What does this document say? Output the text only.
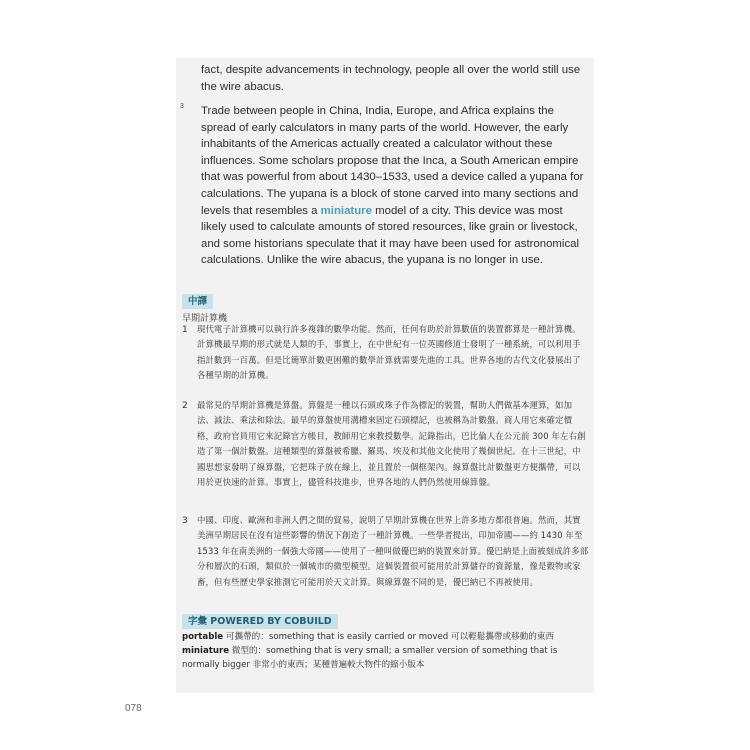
fact, despite advancements in technology, people all over the world still use the wire abacus.
3 Trade between people in China, India, Europe, and Africa explains the spread of early calculators in many parts of the world. However, the early inhabitants of the Americas actually created a calculator without these influences. Some scholars propose that the Inca, a South American empire that was powerful from about 1430–1533, used a device called a yupana for calculations. The yupana is a block of stone carved into many sections and levels that resembles a miniature model of a city. This device was most likely used to calculate amounts of stored resources, like grain or livestock, and some historians speculate that it may have been used for astronomical calculations. Unlike the wire abacus, the yupana is no longer in use.
中譯
早期計算機
1 現代電子計算機可以執行許多複雜的數學功能。然而，任何有助於計算數值的裝置都算是一種計算機。計算機最早期的形式就是人類的手，事實上，在中世紀有一位英國修道士發明了一種系統，可以利用手指計數到一百萬。但是比簡單計數更困難的數學計算就需要先進的工具。世界各地的古代文化發展出了各種早期的計算機。
2 最常見的早期計算機是算盤。算盤是一種以石頭或珠子作為標記的裝置，幫助人們做基本運算，如加法、減法、乘法和除法。最早的算盤使用溝槽來固定石頭標記，也被稱為計數盤。商人用它來確定價格，政府官員用它來記錄官方帳目，教師用它來教授數學。記錄指出，巴比倫人在公元前 300 年左右創造了第一個計數盤。這種類型的算盤被希臘、羅馬、埃及和其他文化使用了幾個世紀。在十三世紀，中國思想家發明了線算盤，它把珠子放在線上，並且置於一個框架內。線算盤比計數盤更方便攜帶，可以用於更快速的計算。事實上，儘管科技進步，世界各地的人們仍然使用線算盤。
3 中國、印度、歐洲和非洲人們之間的貿易，說明了早期計算機在世界上許多地方都很普遍。然而，其實美洲早期居民在沒有這些影響的情況下創造了一種計算機。一些學者提出，印加帝國——約 1430 年至 1533 年在南美洲的一個強大帝國——使用了一種叫做優巴納的裝置來計算。優巴納是上面被刻成許多部分和層次的石頭，類似於一個城市的微型模型。這個裝置很可能用於計算儲存的資源量，像是穀物或家畜，但有些歷史學家推測它可能用於天文計算。與線算盤不同的是，優巴納已不再被使用。
字彙 POWERED BY COBUILD
portable 可攜帶的：something that is easily carried or moved 可以輕鬆攜帶或移動的東西
miniature 微型的：something that is very small; a smaller version of something that is normally bigger 非常小的東西；某種普遍較大物件的縮小版本
078
